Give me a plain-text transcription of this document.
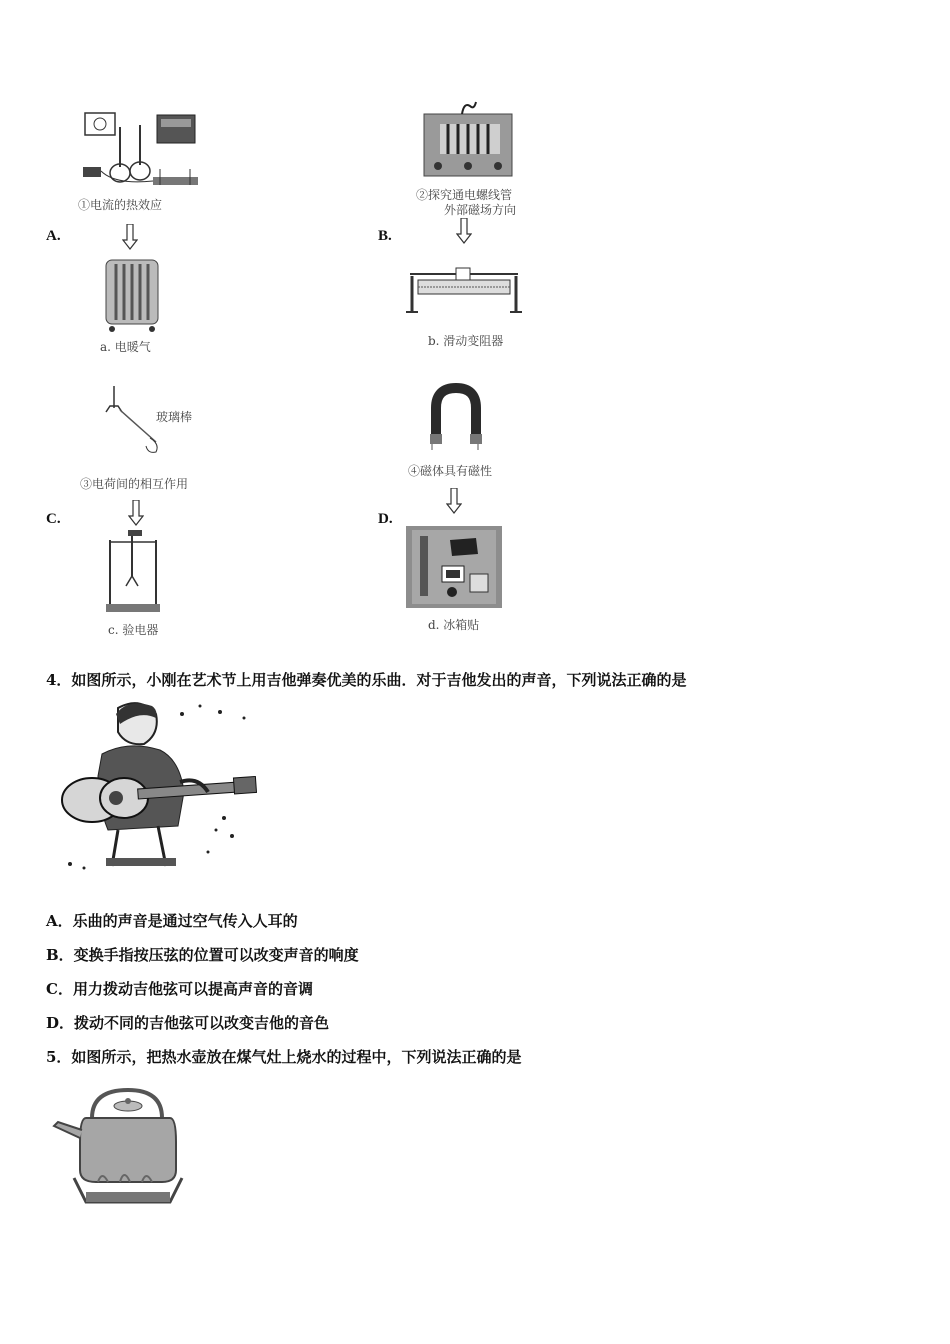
①电流的热效应
a. 电暖气
A.
②探究通电螺线管
外部磁场方向
b. 滑动变阻器
B.
玻璃棒
③电荷间的相互作用
c. 验电器
C.
④磁体具有磁性
d. 冰箱贴
D.
4．如图所示，小刚在艺术节上用吉他弹奏优美的乐曲．对于吉他发出的声音，下列说法正确的是
A．乐曲的声音是通过空气传入人耳的
B．变换手指按压弦的位置可以改变声音的响度
C．用力拨动吉他弦可以提高声音的音调
D．拨动不同的吉他弦可以改变吉他的音色
5．如图所示，把热水壶放在煤气灶上烧水的过程中，下列说法正确的是
